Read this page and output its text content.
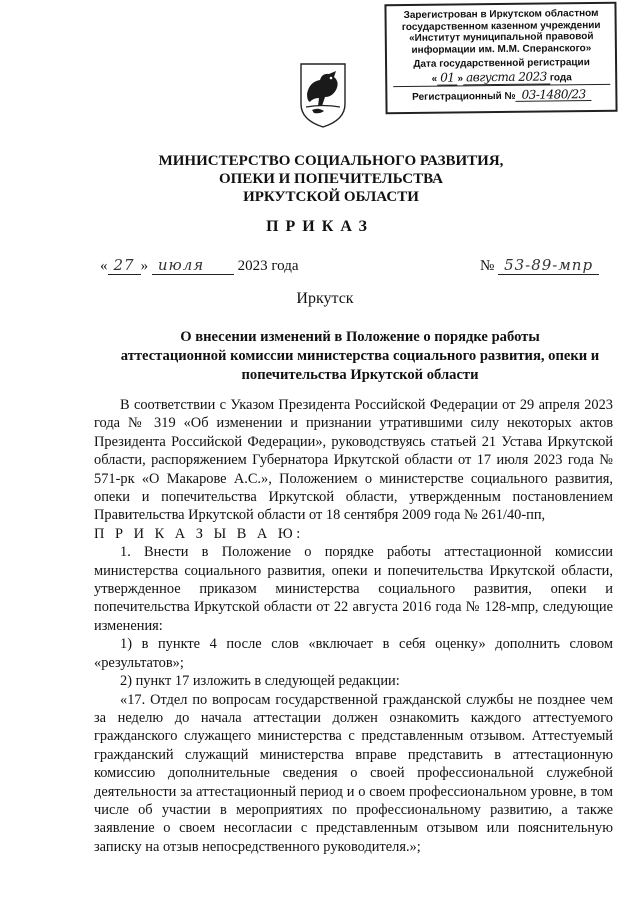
Зарегистрован в Иркутском областном
государственном казенном учреждении
«Институт муниципальной правовой
информации им. М.М. Сперанского»
Дата государственной регистрации
« 01 » августа 2023 года
Регистрационный № 03-1480/23
МИНИСТЕРСТВО СОЦИАЛЬНОГО РАЗВИТИЯ,
ОПЕКИ И ПОПЕЧИТЕЛЬСТВА
ИРКУТСКОЙ ОБЛАСТИ
ПРИКАЗ
« 27 » июля 2023 года	№ 53-89-мпр
Иркутск
О внесении изменений в Положение о порядке работы
аттестационной комиссии министерства социального развития, опеки и
попечительства Иркутской области

В соответствии с Указом Президента Российской Федерации от 29 апреля 2023 года № 319 «Об изменении и признании утратившими силу некоторых актов Президента Российской Федерации», руководствуясь статьей 21 Устава Иркутской области, распоряжением Губернатора Иркутской области от 17 июля 2023 года № 571-рк «О Макарове А.С.», Положением о министерстве социального развития, опеки и попечительства Иркутской области, утвержденным постановлением Правительства Иркутской области от 18 сентября 2009 года № 261/40-пп,

П Р И К А З Ы В А Ю:

1. Внести в Положение о порядке работы аттестационной комиссии министерства социального развития, опеки и попечительства Иркутской области, утвержденное приказом министерства социального развития, опеки и попечительства Иркутской области от 22 августа 2016 года № 128-мпр, следующие изменения:

1) в пункте 4 после слов «включает в себя оценку» дополнить словом «результатов»;

2) пункт 17 изложить в следующей редакции:

«17. Отдел по вопросам государственной гражданской службы не позднее чем за неделю до начала аттестации должен ознакомить каждого аттестуемого гражданского служащего министерства с представленным отзывом. Аттестуемый гражданский служащий министерства вправе представить в аттестационную комиссию дополнительные сведения о своей профессиональной служебной деятельности за аттестационный период и о своем профессиональном уровне, в том числе об участии в мероприятиях по профессиональному развитию, а также заявление о своем несогласии с представленным отзывом или пояснительную записку на отзыв непосредственного руководителя.»;
